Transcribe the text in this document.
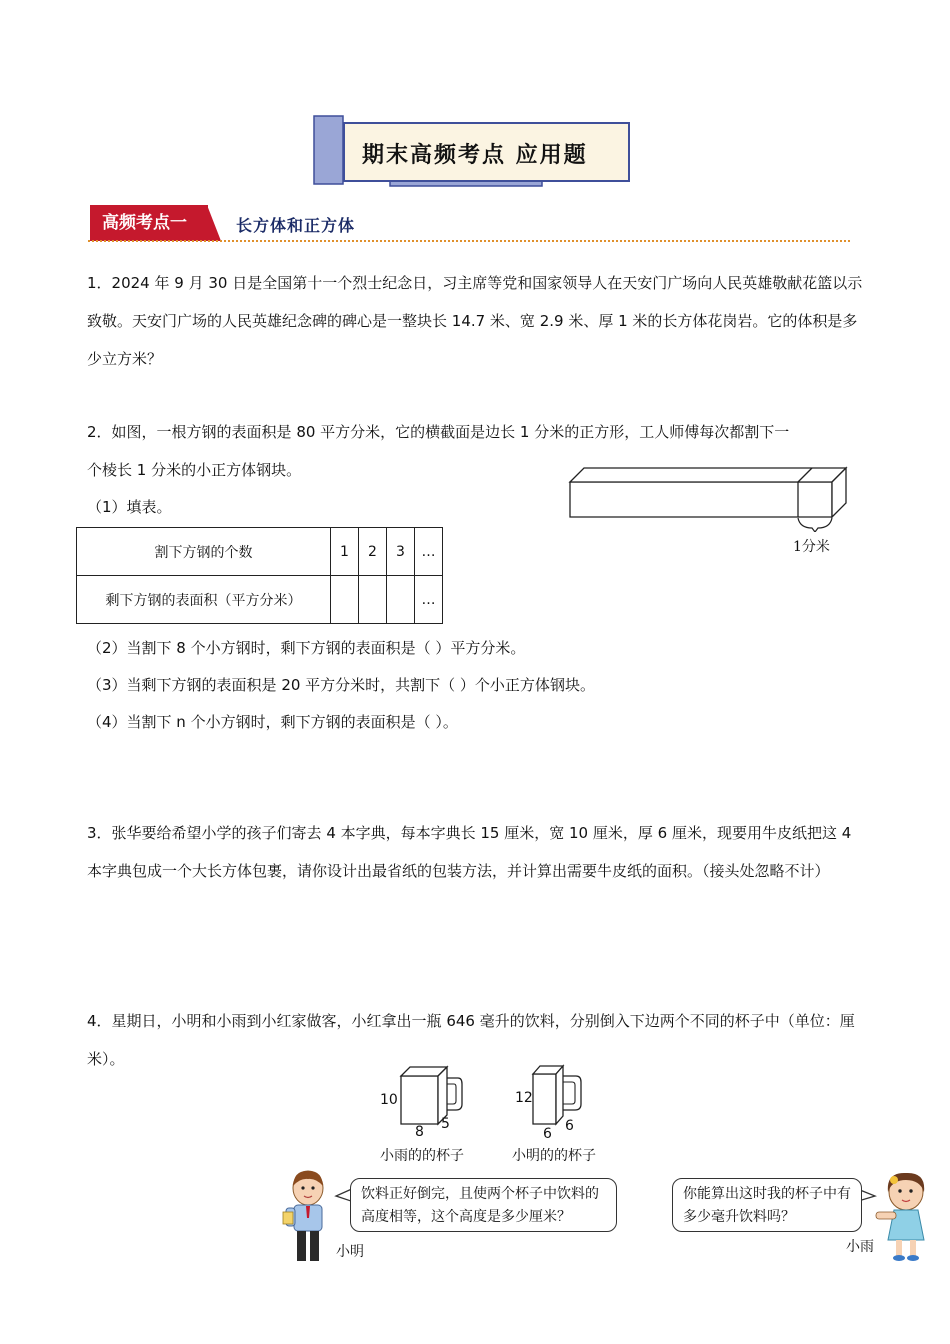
期末高频考点 应用题
高频考点一	长方体和正方体

1．2024 年 9 月 30 日是全国第十一个烈士纪念日，习主席等党和国家领导人在天安门广场向人民英雄敬献花篮以示致敬。天安门广场的人民英雄纪念碑的碑心是一整块长 14.7 米、宽 2.9 米、厚 1 米的长方体花岗岩。它的体积是多少立方米？

2．如图，一根方钢的表面积是 80 平方分米，它的横截面是边长 1 分米的正方形，工人师傅每次都割下一

个棱长 1 分米的小正方体钢块。

（1）填表。

1分米
割下方钢的个数	1	2	3	…
剩下方钢的表面积（平方分米）				…

（2）当割下 8 个小方钢时，剩下方钢的表面积是（ ）平方分米。

（3）当剩下方钢的表面积是 20 平方分米时，共割下（ ）个小正方体钢块。

（4）当割下 n 个小方钢时，剩下方钢的表面积是（ ）。

3．张华要给希望小学的孩子们寄去 4 本字典，每本字典长 15 厘米，宽 10 厘米，厚 6 厘米，现要用牛皮纸把这 4 本字典包成一个大长方体包裹，请你设计出最省纸的包装方法，并计算出需要牛皮纸的面积。（接头处忽略不计）

4．星期日，小明和小雨到小红家做客，小红拿出一瓶 646 毫升的饮料，分别倒入下边两个不同的杯子中（单位：厘米）。

10
8 5
小雨的的杯子
12
6 6
小明的的杯子
小明
饮料正好倒完，且使两个杯子中饮料的高度相等，这个高度是多少厘米？
你能算出这时我的杯子中有多少毫升饮料吗？
小雨
